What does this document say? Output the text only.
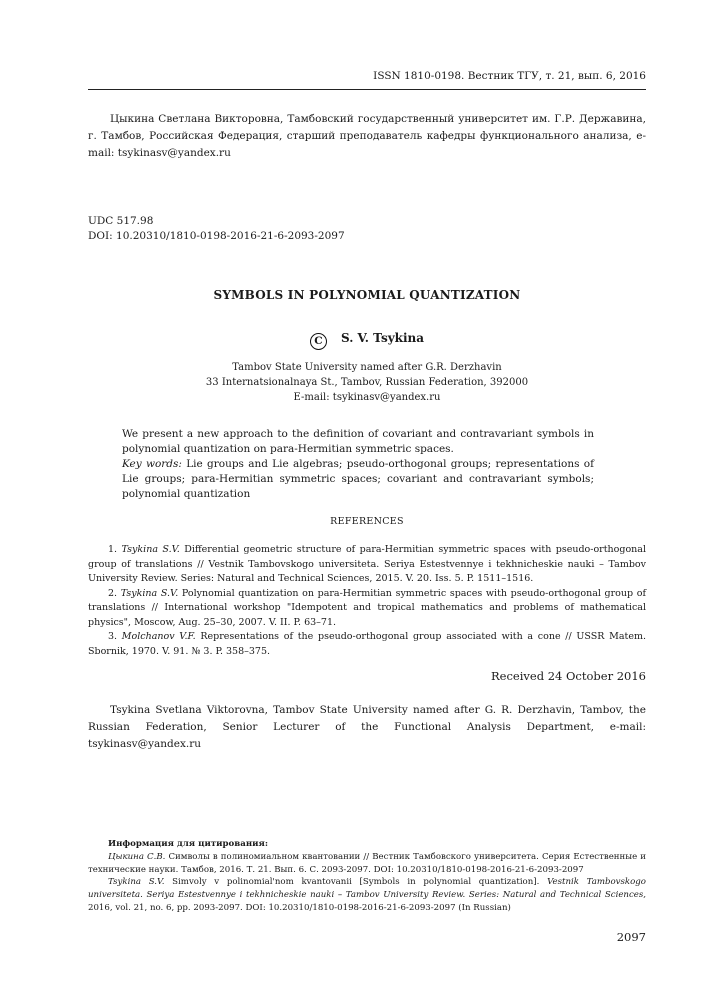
ISSN 1810-0198. Вестник ТГУ, т. 21, вып. 6, 2016
Цыкина Светлана Викторовна, Тамбовский государственный университет им. Г.Р. Державина, г. Тамбов, Российская Федерация, старший преподаватель кафедры функционального анализа, e-mail: tsykinasv@yandex.ru
UDC 517.98
DOI: 10.20310/1810-0198-2016-21-6-2093-2097
SYMBOLS IN POLYNOMIAL QUANTIZATION
C S. V. Tsykina
Tambov State University named after G.R. Derzhavin
33 Internatsionalnaya St., Tambov, Russian Federation, 392000
E-mail: tsykinasv@yandex.ru
We present a new approach to the definition of covariant and contravariant symbols in polynomial quantization on para-Hermitian symmetric spaces.
Key words: Lie groups and Lie algebras; pseudo-orthogonal groups; representations of Lie groups; para-Hermitian symmetric spaces; covariant and contravariant symbols; polynomial quantization
REFERENCES
1. Tsykina S.V. Differential geometric structure of para-Hermitian symmetric spaces with pseudo-orthogonal group of translations // Vestnik Tambovskogo universiteta. Seriya Estestvennye i tekhnicheskie nauki – Tambov University Review. Series: Natural and Technical Sciences, 2015. V. 20. Iss. 5. P. 1511–1516.
2. Tsykina S.V. Polynomial quantization on para-Hermitian symmetric spaces with pseudo-orthogonal group of translations // International workshop "Idempotent and tropical mathematics and problems of mathematical physics", Moscow, Aug. 25–30, 2007. V. II. P. 63–71.
3. Molchanov V.F. Representations of the pseudo-orthogonal group associated with a cone // USSR Matem. Sbornik, 1970. V. 91. № 3. P. 358–375.
Received 24 October 2016
Tsykina Svetlana Viktorovna, Tambov State University named after G. R. Derzhavin, Tambov, the Russian Federation, Senior Lecturer of the Functional Analysis Department, e-mail: tsykinasv@yandex.ru
Информация для цитирования:

Цыкина С.В. Символы в полиномиальном квантовании // Вестник Тамбовского университета. Серия Естественные и технические науки. Тамбов, 2016. Т. 21. Вып. 6. С. 2093-2097. DOI: 10.20310/1810-0198-2016-21-6-2093-2097

Tsykina S.V. Simvoly v polinomial'nom kvantovanii [Symbols in polynomial quantization]. Vestnik Tambovskogo universiteta. Seriya Estestvennye i tekhnicheskie nauki – Tambov University Review. Series: Natural and Technical Sciences, 2016, vol. 21, no. 6, pp. 2093-2097. DOI: 10.20310/1810-0198-2016-21-6-2093-2097 (In Russian)

2097
